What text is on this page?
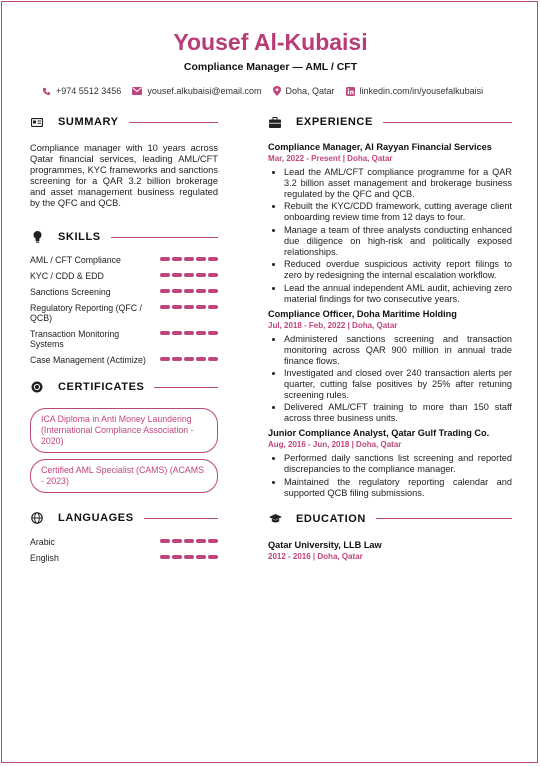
Yousef Al-Kubaisi
Compliance Manager — AML / CFT
+974 5512 3456	yousef.alkubaisi@email.com	Doha, Qatar	linkedin.com/in/yousefalkubaisi
SUMMARY
Compliance manager with 10 years across Qatar financial services, leading AML/CFT programmes, KYC frameworks and sanctions screening for a QAR 3.2 billion brokerage and asset management business regulated by the QFC and QCB.
SKILLS
AML / CFT Compliance
KYC / CDD & EDD
Sanctions Screening
Regulatory Reporting (QFC / QCB)
Transaction Monitoring Systems
Case Management (Actimize)
CERTIFICATES
ICA Diploma in Anti Money Laundering (International Compliance Association - 2020)
Certified AML Specialist (CAMS) (ACAMS - 2023)
LANGUAGES
Arabic
English
EXPERIENCE
Compliance Manager, Al Rayyan Financial Services
Mar, 2022 - Present | Doha, Qatar
• Lead the AML/CFT compliance programme for a QAR 3.2 billion asset management and brokerage business regulated by the QFC and QCB.
• Rebuilt the KYC/CDD framework, cutting average client onboarding review time from 12 days to four.
• Manage a team of three analysts conducting enhanced due diligence on high-risk and politically exposed relationships.
• Reduced overdue suspicious activity report filings to zero by redesigning the internal escalation workflow.
• Lead the annual independent AML audit, achieving zero material findings for two consecutive years.
Compliance Officer, Doha Maritime Holding
Jul, 2018 - Feb, 2022 | Doha, Qatar
• Administered sanctions screening and transaction monitoring across QAR 900 million in annual trade finance flows.
• Investigated and closed over 240 transaction alerts per quarter, cutting false positives by 25% after retuning screening rules.
• Delivered AML/CFT training to more than 150 staff across three business units.
Junior Compliance Analyst, Qatar Gulf Trading Co.
Aug, 2016 - Jun, 2018 | Doha, Qatar
• Performed daily sanctions list screening and reported discrepancies to the compliance manager.
• Maintained the regulatory reporting calendar and supported QCB filing submissions.
EDUCATION
Qatar University, LLB Law
2012 - 2016 | Doha, Qatar
